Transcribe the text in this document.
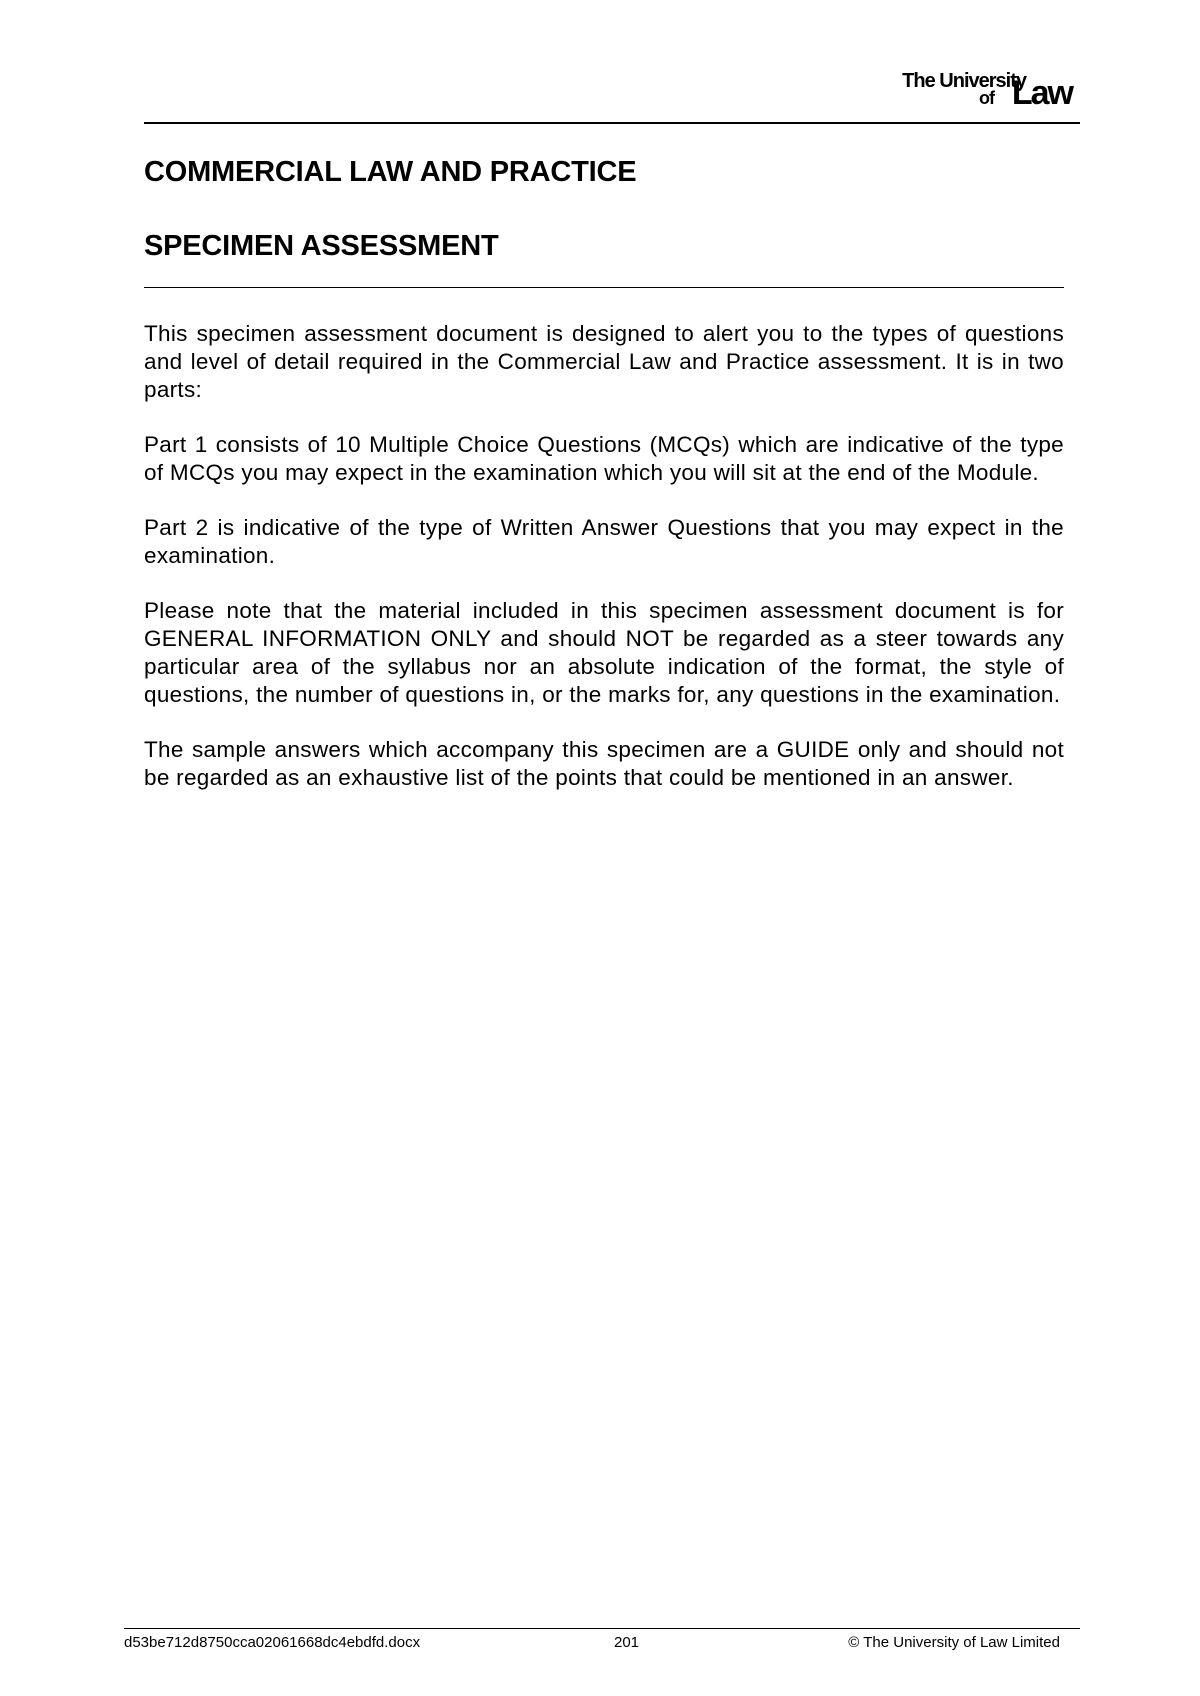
The University
of Law
COMMERCIAL LAW AND PRACTICE
SPECIMEN ASSESSMENT

This specimen assessment document is designed to alert you to the types of questions and level of detail required in the Commercial Law and Practice assessment. It is in two parts:

Part 1 consists of 10 Multiple Choice Questions (MCQs) which are indicative of the type of MCQs you may expect in the examination which you will sit at the end of the Module.

Part 2 is indicative of the type of Written Answer Questions that you may expect in the examination.

Please note that the material included in this specimen assessment document is for GENERAL INFORMATION ONLY and should NOT be regarded as a steer towards any particular area of the syllabus nor an absolute indication of the format, the style of questions, the number of questions in, or the marks for, any questions in the examination.

The sample answers which accompany this specimen are a GUIDE only and should not be regarded as an exhaustive list of the points that could be mentioned in an answer.

d53be712d8750cca02061668dc4ebdfd.docx	201	© The University of Law Limited
